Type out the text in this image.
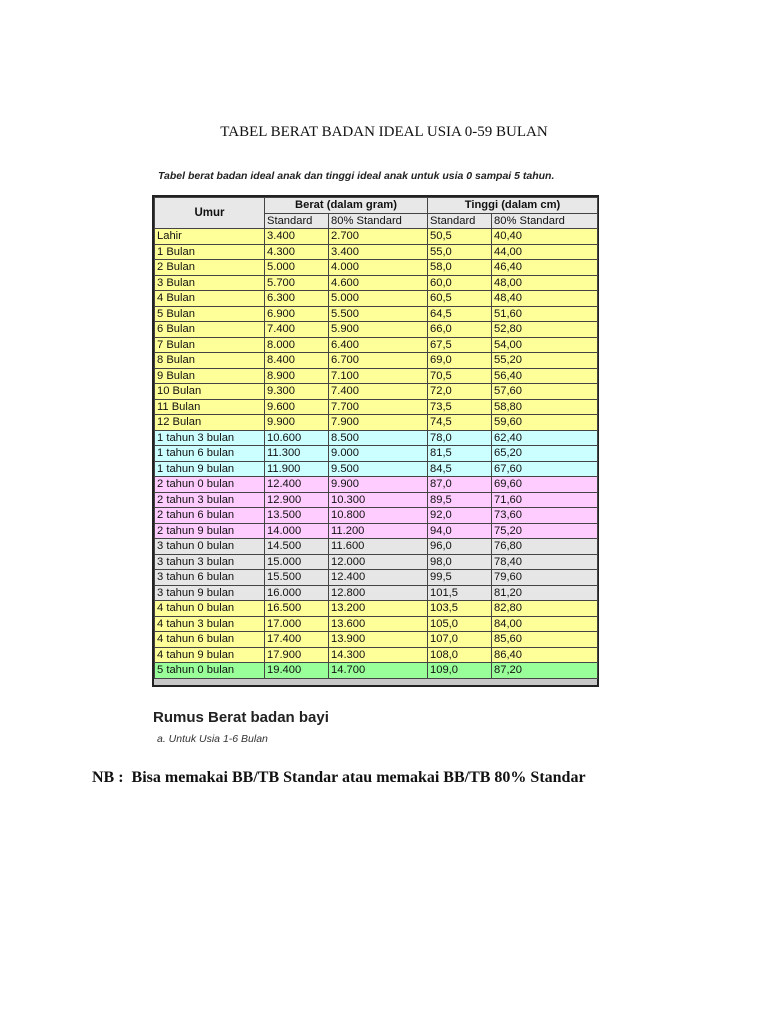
TABEL BERAT BADAN IDEAL USIA 0-59 BULAN
Tabel berat badan ideal anak dan tinggi ideal anak untuk usia 0 sampai 5 tahun.
Umur	Berat (dalam gram)		Tinggi (dalam cm)	
	Standard	80% Standard	Standard	80% Standard
Lahir	3.400	2.700	50,5	40,40
1 Bulan	4.300	3.400	55,0	44,00
2 Bulan	5.000	4.000	58,0	46,40
3 Bulan	5.700	4.600	60,0	48,00
4 Bulan	6.300	5.000	60,5	48,40
5 Bulan	6.900	5.500	64,5	51,60
6 Bulan	7.400	5.900	66,0	52,80
7 Bulan	8.000	6.400	67,5	54,00
8 Bulan	8.400	6.700	69,0	55,20
9 Bulan	8.900	7.100	70,5	56,40
10 Bulan	9.300	7.400	72,0	57,60
11 Bulan	9.600	7.700	73,5	58,80
12 Bulan	9.900	7.900	74,5	59,60
1 tahun 3 bulan	10.600	8.500	78,0	62,40
1 tahun 6 bulan	11.300	9.000	81,5	65,20
1 tahun 9 bulan	11.900	9.500	84,5	67,60
2 tahun 0 bulan	12.400	9.900	87,0	69,60
2 tahun 3 bulan	12.900	10.300	89,5	71,60
2 tahun 6 bulan	13.500	10.800	92,0	73,60
2 tahun 9 bulan	14.000	11.200	94,0	75,20
3 tahun 0 bulan	14.500	11.600	96,0	76,80
3 tahun 3 bulan	15.000	12.000	98,0	78,40
3 tahun 6 bulan	15.500	12.400	99,5	79,60
3 tahun 9 bulan	16.000	12.800	101,5	81,20
4 tahun 0 bulan	16.500	13.200	103,5	82,80
4 tahun 3 bulan	17.000	13.600	105,0	84,00
4 tahun 6 bulan	17.400	13.900	107,0	85,60
4 tahun 9 bulan	17.900	14.300	108,0	86,40
5 tahun 0 bulan	19.400	14.700	109,0	87,20
Rumus Berat badan bayi
a. Untuk Usia 1-6 Bulan
NB :  Bisa memakai BB/TB Standar atau memakai BB/TB 80% Standar
